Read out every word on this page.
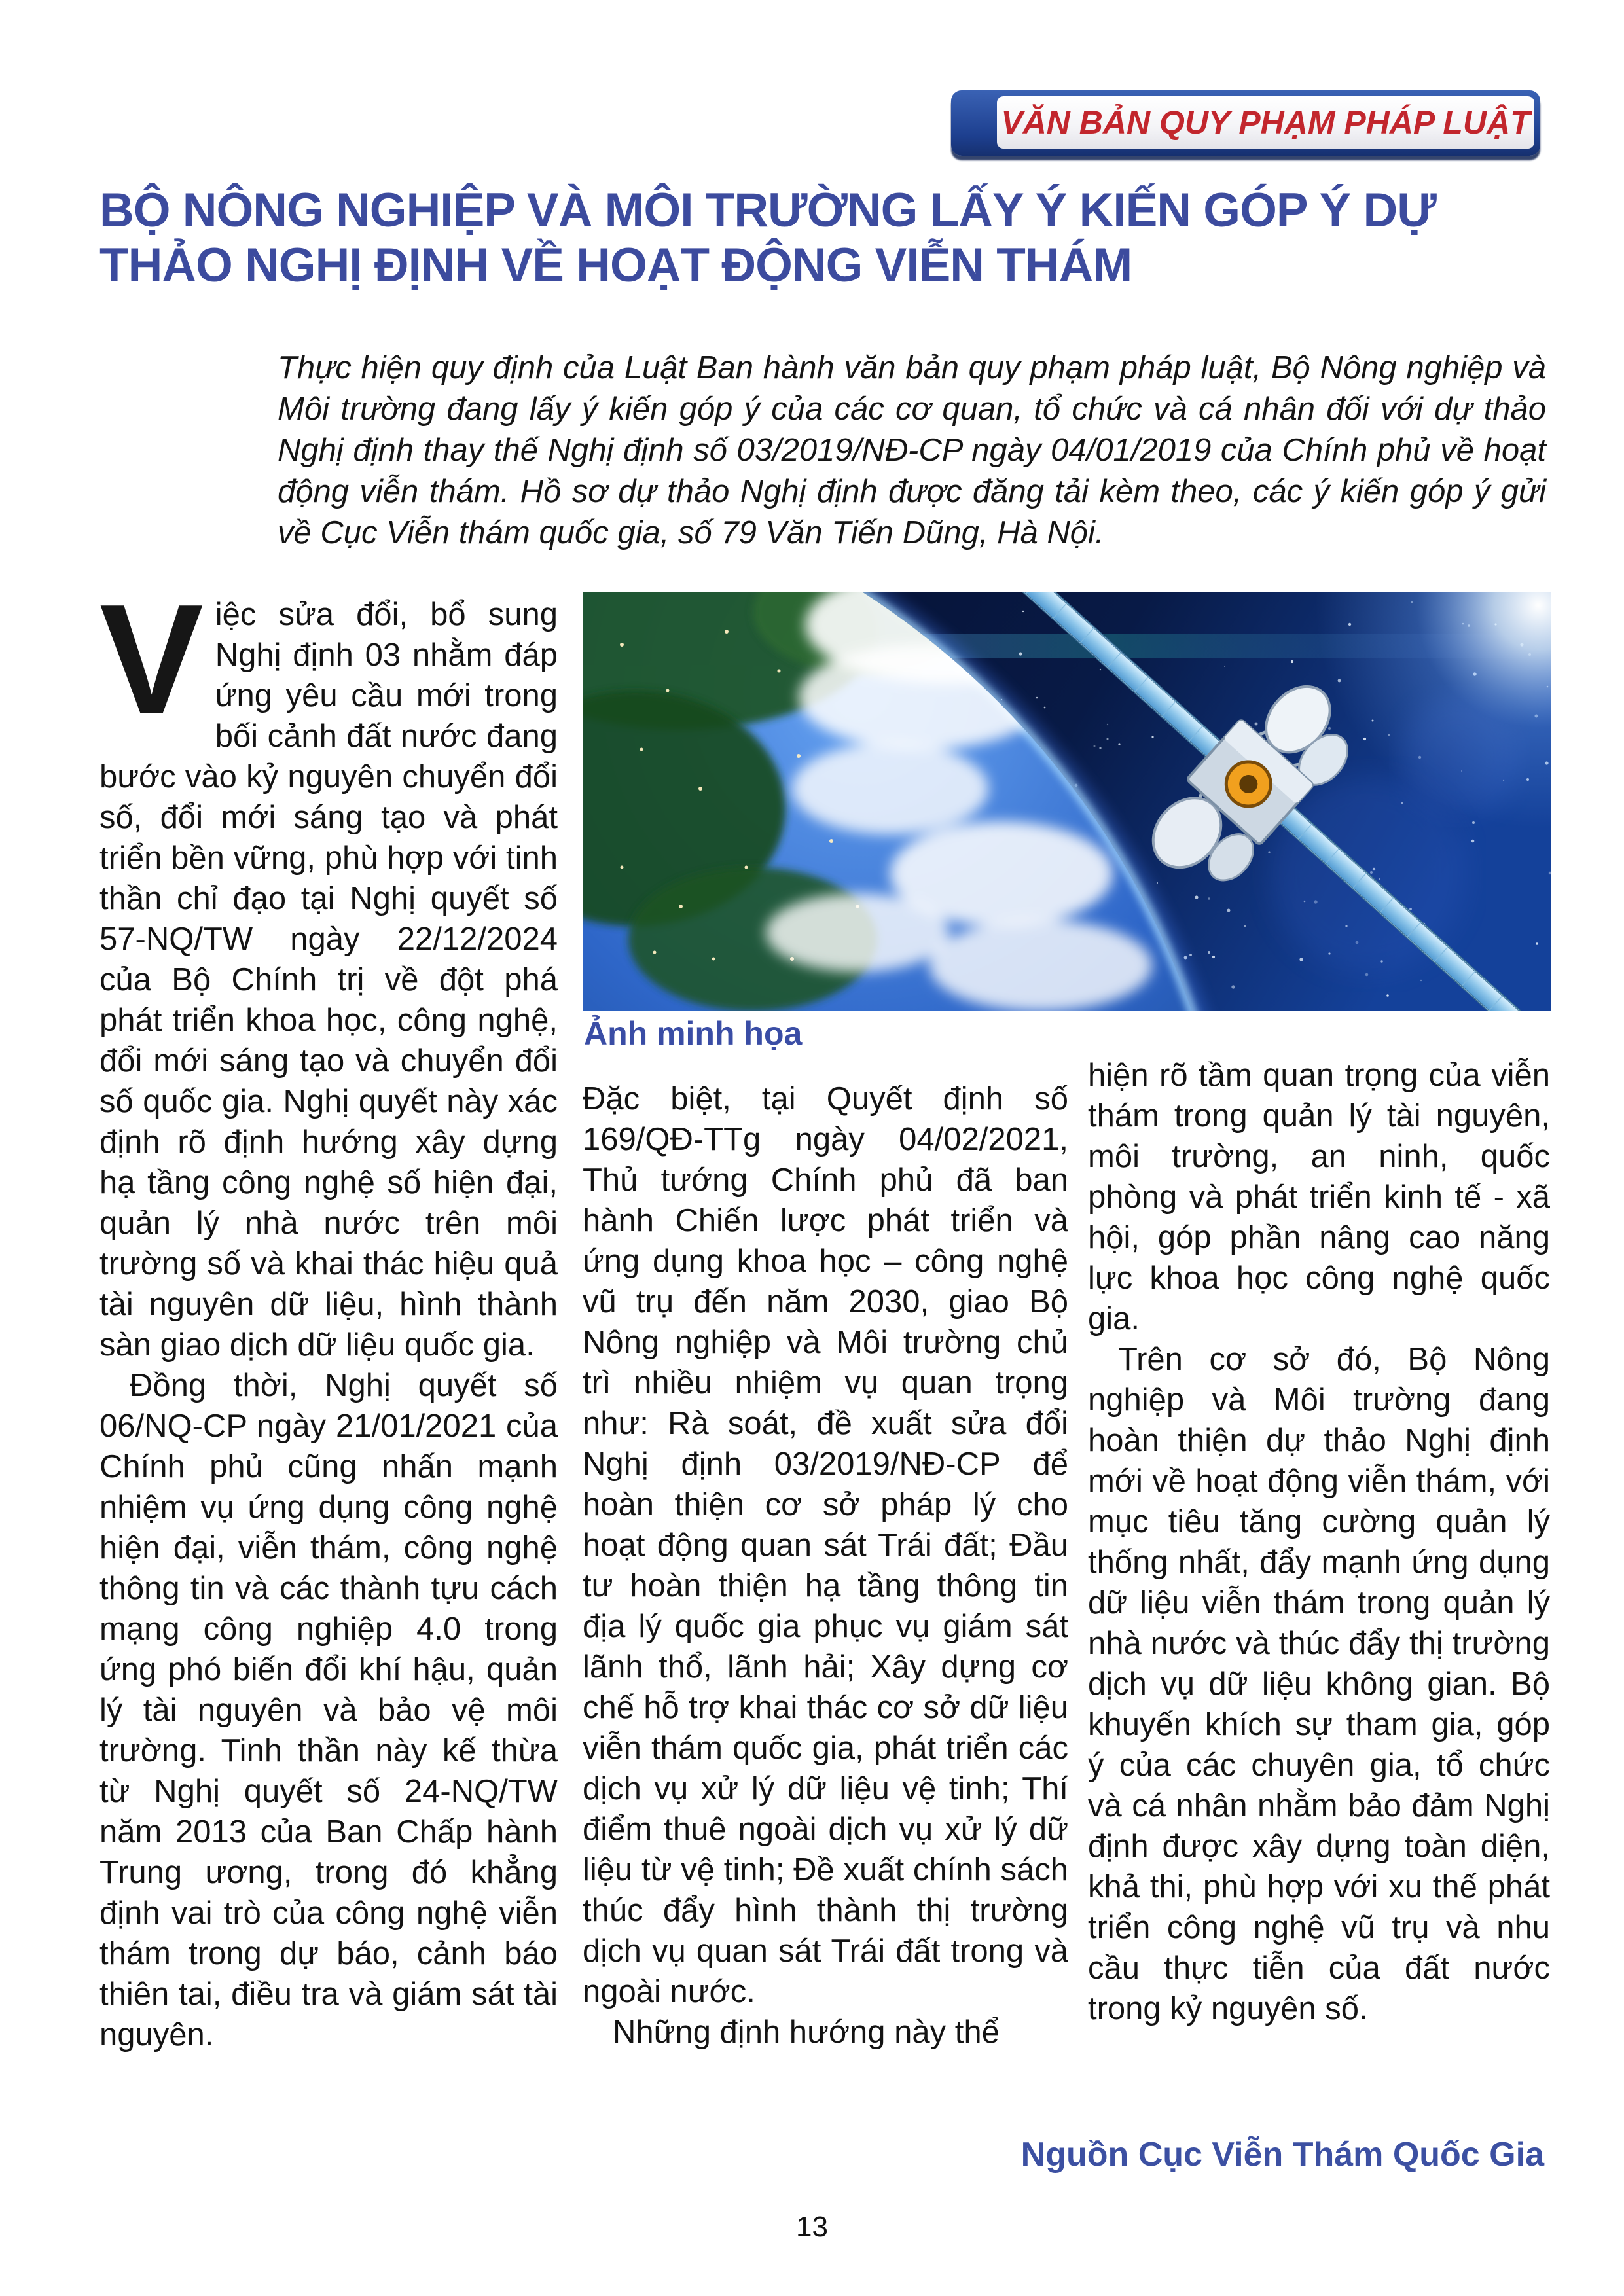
VĂN BẢN QUY PHẠM PHÁP LUẬT
BỘ NÔNG NGHIỆP VÀ MÔI TRƯỜNG LẤY Ý KIẾN GÓP Ý DỰ
THẢO NGHỊ ĐỊNH VỀ HOẠT ĐỘNG VIỄN THÁM

Thực hiện quy định của Luật Ban hành văn bản quy phạm pháp luật, Bộ Nông nghiệp và Môi trường đang lấy ý kiến góp ý của các cơ quan, tổ chức và cá nhân đối với dự thảo Nghị định thay thế Nghị định số 03/2019/NĐ-CP ngày 04/01/2019 của Chính phủ về hoạt động viễn thám. Hồ sơ dự thảo Nghị định được đăng tải kèm theo, các ý kiến góp ý gửi về Cục Viễn thám quốc gia, số 79 Văn Tiến Dũng, Hà Nội.

Ảnh minh họa

Việc sửa đổi, bổ sung Nghị định 03 nhằm đáp ứng yêu cầu mới trong bối cảnh đất nước đang bước vào kỷ nguyên chuyển đổi số, đổi mới sáng tạo và phát triển bền vững, phù hợp với tinh thần chỉ đạo tại Nghị quyết số 57-NQ/TW ngày 22/12/2024 của Bộ Chính trị về đột phá phát triển khoa học, công nghệ, đổi mới sáng tạo và chuyển đổi số quốc gia. Nghị quyết này xác định rõ định hướng xây dựng hạ tầng công nghệ số hiện đại, quản lý nhà nước trên môi trường số và khai thác hiệu quả tài nguyên dữ liệu, hình thành sàn giao dịch dữ liệu quốc gia.

Đồng thời, Nghị quyết số 06/NQ-CP ngày 21/01/2021 của Chính phủ cũng nhấn mạnh nhiệm vụ ứng dụng công nghệ hiện đại, viễn thám, công nghệ thông tin và các thành tựu cách mạng công nghiệp 4.0 trong ứng phó biến đổi khí hậu, quản lý tài nguyên và bảo vệ môi trường. Tinh thần này kế thừa từ Nghị quyết số 24-NQ/TW năm 2013 của Ban Chấp hành Trung ương, trong đó khẳng định vai trò của công nghệ viễn thám trong dự báo, cảnh báo thiên tai, điều tra và giám sát tài nguyên.

Đặc biệt, tại Quyết định số 169/QĐ-TTg ngày 04/02/2021, Thủ tướng Chính phủ đã ban hành Chiến lược phát triển và ứng dụng khoa học – công nghệ vũ trụ đến năm 2030, giao Bộ Nông nghiệp và Môi trường chủ trì nhiều nhiệm vụ quan trọng như: Rà soát, đề xuất sửa đổi Nghị định 03/2019/NĐ-CP để hoàn thiện cơ sở pháp lý cho hoạt động quan sát Trái đất; Đầu tư hoàn thiện hạ tầng thông tin địa lý quốc gia phục vụ giám sát lãnh thổ, lãnh hải; Xây dựng cơ chế hỗ trợ khai thác cơ sở dữ liệu viễn thám quốc gia, phát triển các dịch vụ xử lý dữ liệu vệ tinh; Thí điểm thuê ngoài dịch vụ xử lý dữ liệu từ vệ tinh; Đề xuất chính sách thúc đẩy hình thành thị trường dịch vụ quan sát Trái đất trong và ngoài nước.

Những định hướng này thể

hiện rõ tầm quan trọng của viễn thám trong quản lý tài nguyên, môi trường, an ninh, quốc phòng và phát triển kinh tế - xã hội, góp phần nâng cao năng lực khoa học công nghệ quốc gia.

Trên cơ sở đó, Bộ Nông nghiệp và Môi trường đang hoàn thiện dự thảo Nghị định mới về hoạt động viễn thám, với mục tiêu tăng cường quản lý thống nhất, đẩy mạnh ứng dụng dữ liệu viễn thám trong quản lý nhà nước và thúc đẩy thị trường dịch vụ dữ liệu không gian. Bộ khuyến khích sự tham gia, góp ý của các chuyên gia, tổ chức và cá nhân nhằm bảo đảm Nghị định được xây dựng toàn diện, khả thi, phù hợp với xu thế phát triển công nghệ vũ trụ và nhu cầu thực tiễn của đất nước trong kỷ nguyên số.

Nguồn Cục Viễn Thám Quốc Gia
13
